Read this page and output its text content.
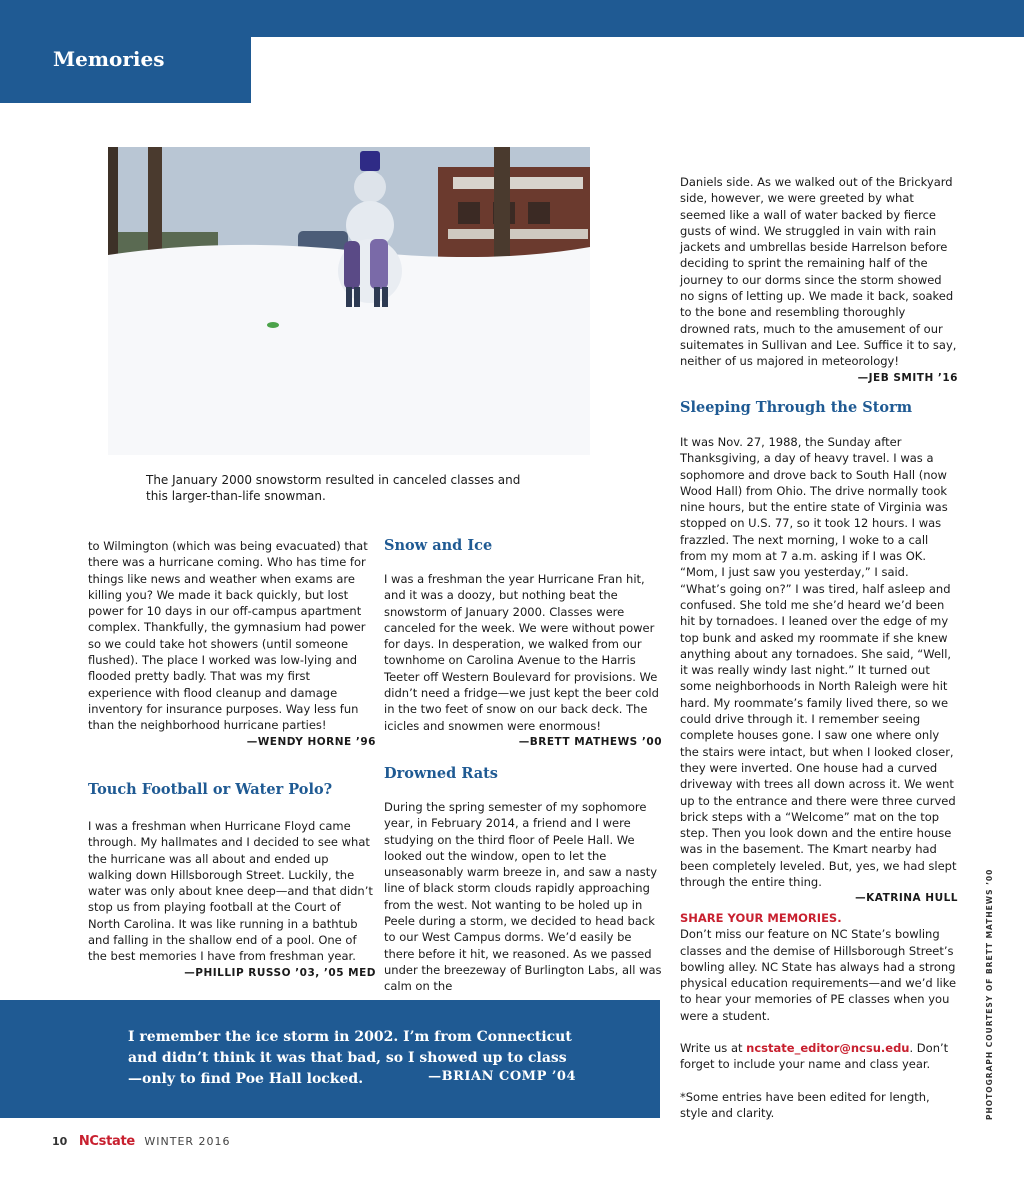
Memories

The January 2000 snowstorm resulted in canceled classes and this larger-than-life snowman.

to Wilmington (which was being evacuated) that there was a hurricane coming. Who has time for things like news and weather when exams are killing you? We made it back quickly, but lost power for 10 days in our off-campus apartment complex. Thankfully, the gymnasium had power so we could take hot showers (until someone flushed). The place I worked was low-lying and flooded pretty badly. That was my first experience with flood cleanup and damage inventory for insurance purposes. Way less fun than the neighborhood hurricane parties!

—WENDY HORNE ’96

Touch Football or Water Polo?

I was a freshman when Hurricane Floyd came through. My hallmates and I decided to see what the hurricane was all about and ended up walking down Hillsborough Street. Luckily, the water was only about knee deep—and that didn’t stop us from playing football at the Court of North Carolina. It was like running in a bathtub and falling in the shallow end of a pool. One of the best memories I have from freshman year.

—PHILLIP RUSSO ’03, ’05 MED

Snow and Ice

I was a freshman the year Hurricane Fran hit, and it was a doozy, but nothing beat the snowstorm of January 2000. Classes were canceled for the week. We were without power for days. In desperation, we walked from our townhome on Carolina Avenue to the Harris Teeter off Western Boulevard for provisions. We didn’t need a fridge—we just kept the beer cold in the two feet of snow on our back deck. The icicles and snowmen were enormous!

—BRETT MATHEWS ’00

Drowned Rats

During the spring semester of my sophomore year, in February 2014, a friend and I were studying on the third floor of Peele Hall. We looked out the window, open to let the unseasonably warm breeze in, and saw a nasty line of black storm clouds rapidly approaching from the west. Not wanting to be holed up in Peele during a storm, we decided to head back to our West Campus dorms. We’d easily be there before it hit, we reasoned. As we passed under the breezeway of Burlington Labs, all was calm on the

Daniels side. As we walked out of the Brickyard side, however, we were greeted by what seemed like a wall of water backed by fierce gusts of wind. We struggled in vain with rain jackets and umbrellas beside Harrelson before deciding to sprint the remaining half of the journey to our dorms since the storm showed no signs of letting up. We made it back, soaked to the bone and resembling thoroughly drowned rats, much to the amusement of our suitemates in Sullivan and Lee. Suffice it to say, neither of us majored in meteorology!

—JEB SMITH ’16

Sleeping Through the Storm

It was Nov. 27, 1988, the Sunday after Thanksgiving, a day of heavy travel. I was a sophomore and drove back to South Hall (now Wood Hall) from Ohio. The drive normally took nine hours, but the entire state of Virginia was stopped on U.S. 77, so it took 12 hours. I was frazzled. The next morning, I woke to a call from my mom at 7 a.m. asking if I was OK. “Mom, I just saw you yesterday,” I said. “What’s going on?” I was tired, half asleep and confused. She told me she’d heard we’d been hit by tornadoes. I leaned over the edge of my top bunk and asked my roommate if she knew anything about any tornadoes. She said, “Well, it was really windy last night.” It turned out some neighborhoods in North Raleigh were hit hard. My roommate’s family lived there, so we could drive through it. I remember seeing complete houses gone. I saw one where only the stairs were intact, but when I looked closer, they were inverted. One house had a curved driveway with trees all down across it. We went up to the entrance and there were three curved brick steps with a “Welcome” mat on the top step. Then you look down and the entire house was in the basement. The Kmart nearby had been completely leveled. But, yes, we had slept through the entire thing.

—KATRINA HULL

SHARE YOUR MEMORIES.

Don’t miss our feature on NC State’s bowling classes and the demise of Hillsborough Street’s bowling alley. NC State has always had a strong physical education requirements—and we’d like to hear your memories of PE classes when you were a student.

Write us at ncstate_editor@ncsu.edu. Don’t forget to include your name and class year.

*Some entries have been edited for length, style and clarity.

I remember the ice storm in 2002. I’m from Connecticut and didn’t think it was that bad, so I showed up to class—only to find Poe Hall locked.	—BRIAN COMP ’04

10 NCstate WINTER 2016
PHOTOGRAPH COURTESY OF BRETT MATHEWS ’00
